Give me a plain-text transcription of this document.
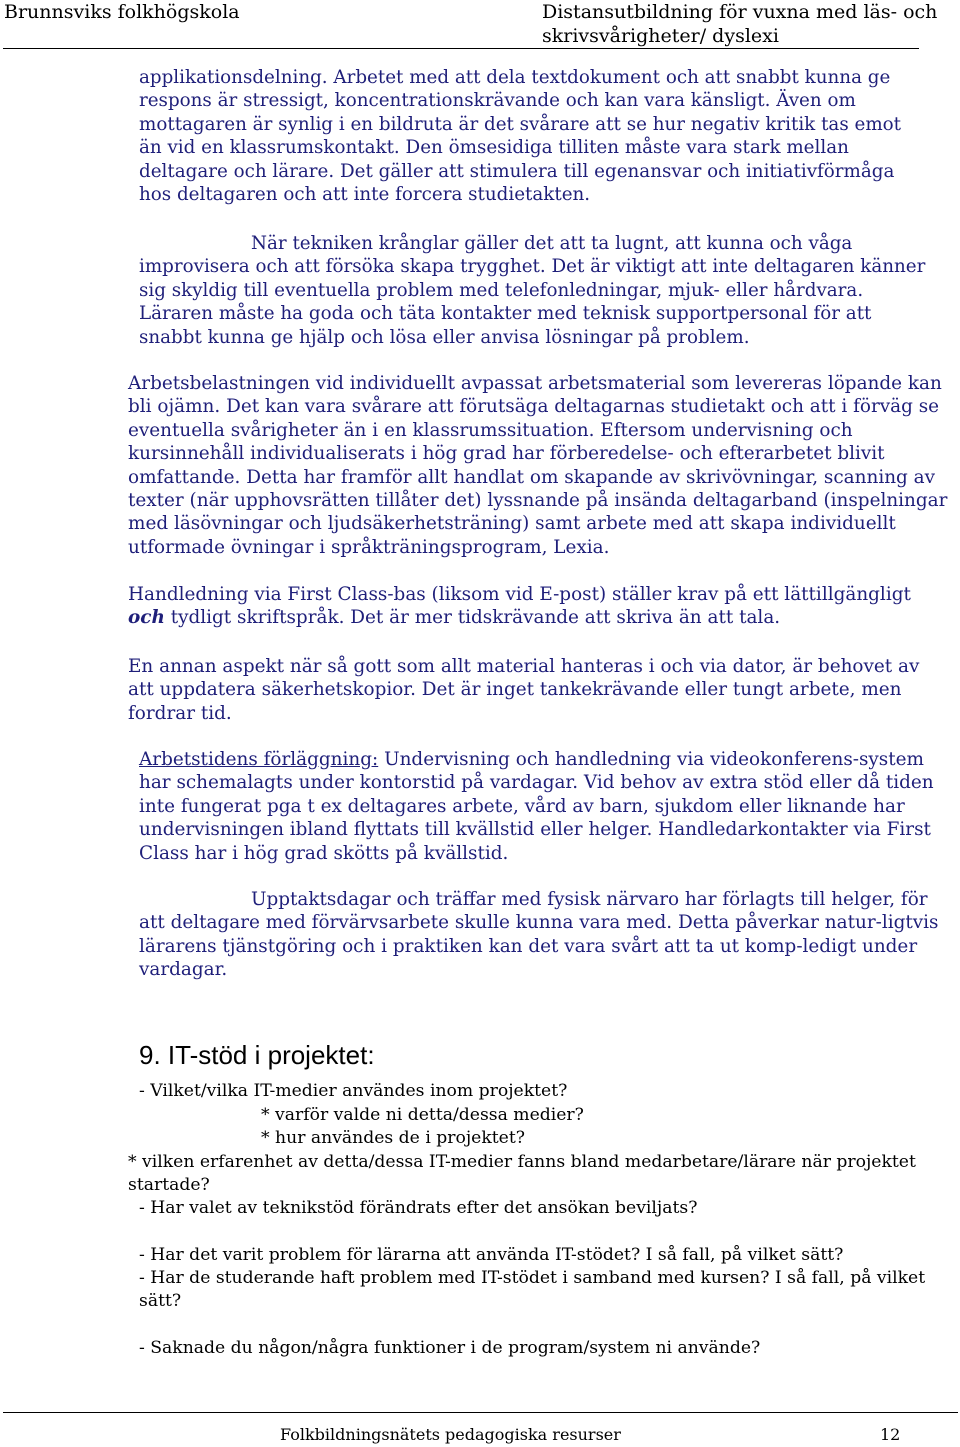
Brunnsviks folkhögskola	Distansutbildning för vuxna med läs- och
skrivsvårigheter/ dyslexi
applikationsdelning. Arbetet med att dela textdokument och att snabbt kunna ge respons är stressigt, koncentrationskrävande och kan vara känsligt. Även om mottagaren är synlig i en bildruta är det svårare att se hur negativ kritik tas emot än vid en klassrumskontakt. Den ömsesidiga tilliten måste vara stark mellan deltagare och lärare. Det gäller att stimulera till egenansvar och initiativförmåga hos deltagaren och att inte forcera studietakten.
När tekniken krånglar gäller det att ta lugnt, att kunna och våga improvisera och att försöka skapa trygghet. Det är viktigt att inte deltagaren känner sig skyldig till eventuella problem med telefonledningar, mjuk- eller hårdvara. Läraren måste ha goda och täta kontakter med teknisk supportpersonal för att snabbt kunna ge hjälp och lösa eller anvisa lösningar på problem.
Arbetsbelastningen vid individuellt avpassat arbetsmaterial som levereras löpande kan bli ojämn. Det kan vara svårare att förutsäga deltagarnas studietakt och att i förväg se eventuella svårigheter än i en klassrumssituation. Eftersom undervisning och kursinnehåll individualiserats i hög grad har förberedelse- och efterarbetet blivit omfattande. Detta har framför allt handlat om skapande av skrivövningar, scanning av texter (när upphovsrätten tillåter det) lyssnande på insända deltagarband (inspelningar med läsövningar och ljudsäkerhetsträning) samt arbete med att skapa individuellt utformade övningar i språkträningsprogram, Lexia.
Handledning via First Class-bas (liksom vid E-post) ställer krav på ett lättillgängligt och tydligt skriftspråk. Det är mer tidskrävande att skriva än att tala.
En annan aspekt när så gott som allt material hanteras i och via dator, är behovet av att uppdatera säkerhetskopior. Det är inget tankekrävande eller tungt arbete, men fordrar tid.
Arbetstidens förläggning: Undervisning och handledning via videokonferens-system har schemalagts under kontorstid på vardagar. Vid behov av extra stöd eller då tiden inte fungerat pga t ex deltagares arbete, vård av barn, sjukdom eller liknande har undervisningen ibland flyttats till kvällstid eller helger. Handledarkontakter via First Class har i hög grad skötts på kvällstid.
Upptaktsdagar och träffar med fysisk närvaro har förlagts till helger, för att deltagare med förvärvsarbete skulle kunna vara med. Detta påverkar natur-ligtvis lärarens tjänstgöring och i praktiken kan det vara svårt att ta ut komp-ledigt under vardagar.
9. IT-stöd i projektet:
- Vilket/vilka IT-medier användes inom projektet?
* varför valde ni detta/dessa medier?
* hur användes de i projektet?
* vilken erfarenhet av detta/dessa IT-medier fanns bland medarbetare/lärare när projektet startade?
- Har valet av teknikstöd förändrats efter det ansökan beviljats?
- Har det varit problem för lärarna att använda IT-stödet? I så fall, på vilket sätt?
- Har de studerande haft problem med IT-stödet i samband med kursen? I så fall, på vilket sätt?
- Saknade du någon/några funktioner i de program/system ni använde?
Folkbildningsnätets pedagogiska resurser	12
